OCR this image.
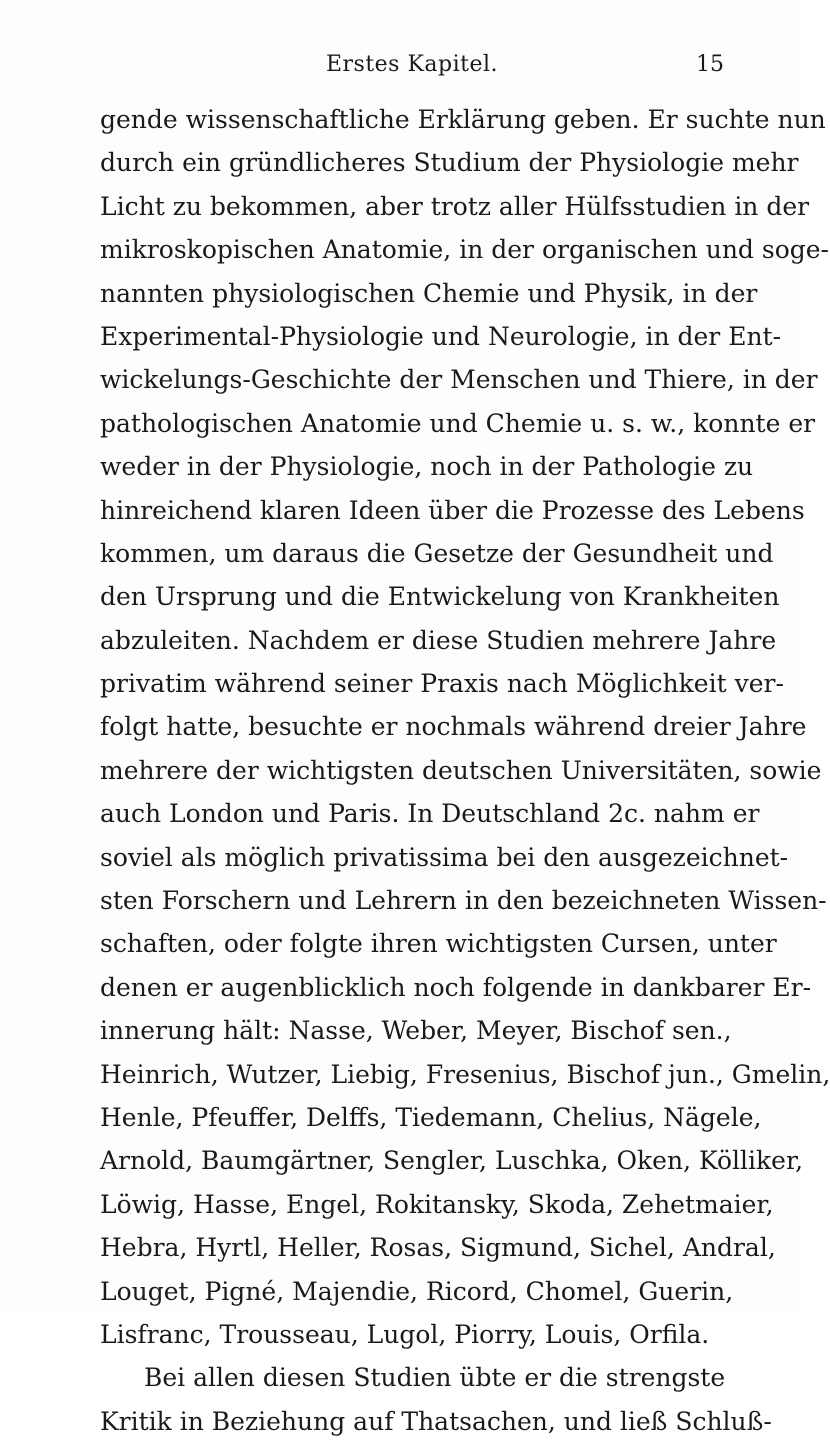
Erstes Kapitel.	15
gende wissenschaftliche Erklärung geben. Er suchte nun
durch ein gründlicheres Studium der Physiologie mehr
Licht zu bekommen, aber trotz aller Hülfsstudien in der
mikroskopischen Anatomie, in der organischen und soge-
nannten physiologischen Chemie und Physik, in der
Experimental-Physiologie und Neurologie, in der Ent-
wickelungs-Geschichte der Menschen und Thiere, in der
pathologischen Anatomie und Chemie u. s. w., konnte er
weder in der Physiologie, noch in der Pathologie zu
hinreichend klaren Ideen über die Prozesse des Lebens
kommen, um daraus die Gesetze der Gesundheit und
den Ursprung und die Entwickelung von Krankheiten
abzuleiten. Nachdem er diese Studien mehrere Jahre
privatim während seiner Praxis nach Möglichkeit ver-
folgt hatte, besuchte er nochmals während dreier Jahre
mehrere der wichtigsten deutschen Universitäten, sowie
auch London und Paris. In Deutschland 2c. nahm er
soviel als möglich privatissima bei den ausgezeichnet-
sten Forschern und Lehrern in den bezeichneten Wissen-
schaften, oder folgte ihren wichtigsten Cursen, unter
denen er augenblicklich noch folgende in dankbarer Er-
innerung hält: Nasse, Weber, Meyer, Bischof sen.,
Heinrich, Wutzer, Liebig, Fresenius, Bischof jun., Gmelin,
Henle, Pfeuffer, Delffs, Tiedemann, Chelius, Nägele,
Arnold, Baumgärtner, Sengler, Luschka, Oken, Kölliker,
Löwig, Hasse, Engel, Rokitansky, Skoda, Zehetmaier,
Hebra, Hyrtl, Heller, Rosas, Sigmund, Sichel, Andral,
Louget, Pigné, Majendie, Ricord, Chomel, Guerin,
Lisfranc, Trousseau, Lugol, Piorry, Louis, Orfila.
Bei allen diesen Studien übte er die strengste
Kritik in Beziehung auf Thatsachen, und ließ Schluß-
